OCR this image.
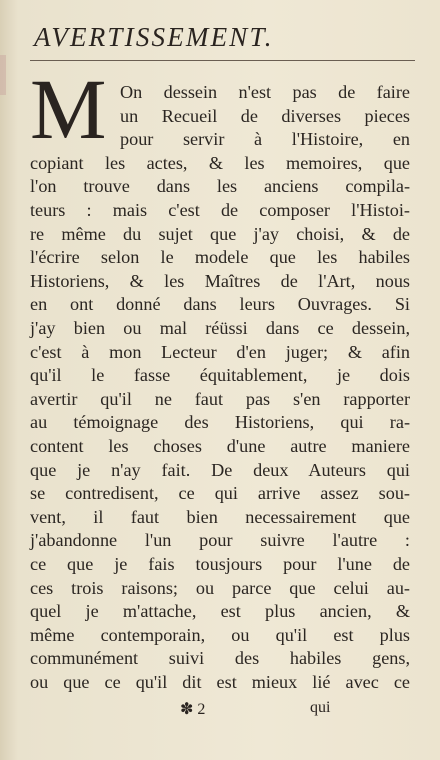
AVERTISSEMENT.
M On dessein n'est pas de faire
un Recueil de diverses pieces
pour servir à l'Histoire, en
copiant les actes, & les memoires, que
l'on trouve dans les anciens compila-
teurs : mais c'est de composer l'Histoi-
re même du sujet que j'ay choisi, & de
l'écrire selon le modele que les habiles
Historiens, & les Maîtres de l'Art, nous
en ont donné dans leurs Ouvrages. Si
j'ay bien ou mal réüssi dans ce dessein,
c'est à mon Lecteur d'en juger; & afin
qu'il le fasse équitablement, je dois
avertir qu'il ne faut pas s'en rapporter
au témoignage des Historiens, qui ra-
content les choses d'une autre maniere
que je n'ay fait. De deux Auteurs qui
se contredisent, ce qui arrive assez sou-
vent, il faut bien necessairement que
j'abandonne l'un pour suivre l'autre :
ce que je fais tousjours pour l'une de
ces trois raisons; ou parce que celui au-
quel je m'attache, est plus ancien, &
même contemporain, ou qu'il est plus
communément suivi des habiles gens,
ou que ce qu'il dit est mieux lié avec ce
✽ 2	qui
